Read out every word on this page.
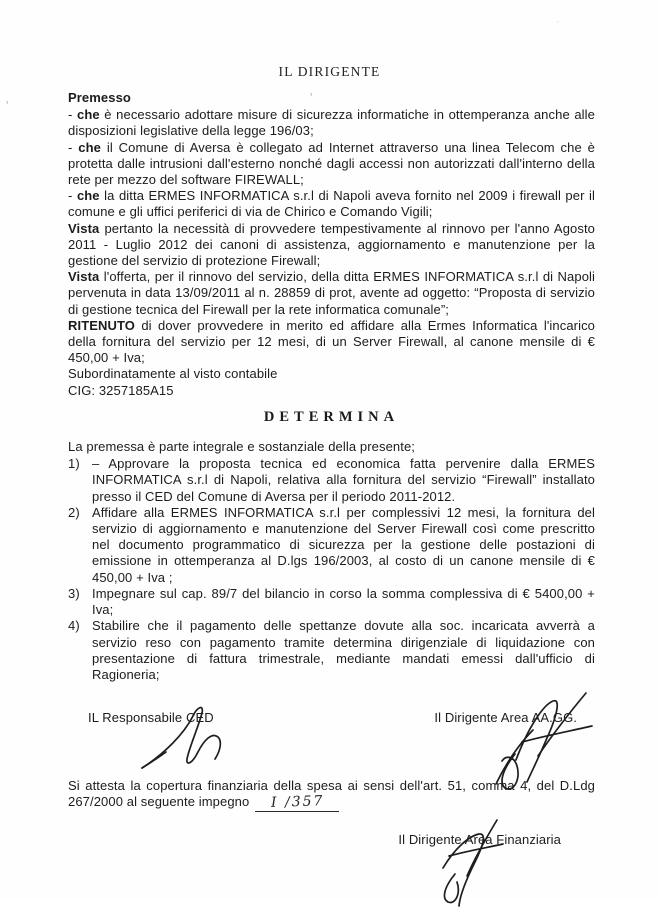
'
'
·
IL DIRIGENTE

Premesso

- che è necessario adottare misure di sicurezza informatiche in ottemperanza anche alle disposizioni legislative della legge 196/03;

- che il Comune di Aversa è collegato ad Internet attraverso una linea Telecom che è protetta dalle intrusioni dall'esterno nonché dagli accessi non autorizzati dall'interno della rete per mezzo del software FIREWALL;

- che la ditta ERMES INFORMATICA s.r.l di Napoli aveva fornito nel 2009 i firewall per il comune e gli uffici periferici di via de Chirico e Comando Vigili;

Vista pertanto la necessità di provvedere tempestivamente al rinnovo per l'anno Agosto 2011 - Luglio 2012 dei canoni di assistenza, aggiornamento e manutenzione per la gestione del servizio di protezione Firewall;

Vista l'offerta, per il rinnovo del servizio, della ditta ERMES INFORMATICA s.r.l di Napoli pervenuta in data 13/09/2011 al n. 28859 di prot, avente ad oggetto: “Proposta di servizio di gestione tecnica del Firewall per la rete informatica comunale”;

RITENUTO di dover provvedere in merito ed affidare alla Ermes Informatica l'incarico della fornitura del servizio per 12 mesi, di un Server Firewall, al canone mensile di € 450,00 + Iva;

Subordinatamente al visto contabile

CIG: 3257185A15

DETERMINA

La premessa è parte integrale e sostanziale della presente;

1) – Approvare la proposta tecnica ed economica fatta pervenire dalla ERMES INFORMATICA s.r.l di Napoli, relativa alla fornitura del servizio “Firewall” installato presso il CED del Comune di Aversa per il periodo 2011-2012.
2) Affidare alla ERMES INFORMATICA s.r.l per complessivi 12 mesi, la fornitura del servizio di aggiornamento e manutenzione del Server Firewall così come prescritto nel documento programmatico di sicurezza per la gestione delle postazioni di emissione in ottemperanza al D.lgs 196/2003, al costo di un canone mensile di € 450,00 + Iva ;
3) Impegnare sul cap. 89/7 del bilancio in corso la somma complessiva di € 5400,00 + Iva;
4) Stabilire che il pagamento delle spettanze dovute alla soc. incaricata avverrà a servizio reso con pagamento tramite determina dirigenziale di liquidazione con presentazione di fattura trimestrale, mediante mandati emessi dall'ufficio di Ragioneria;
IL Responsabile CED	Il Dirigente Area AA.GG.

Si attesta la copertura finanziaria della spesa ai sensi dell'art. 51, comma 4, del D.Ldg 267/2000 al seguente impegno I /357

Il Dirigente Area Finanziaria
